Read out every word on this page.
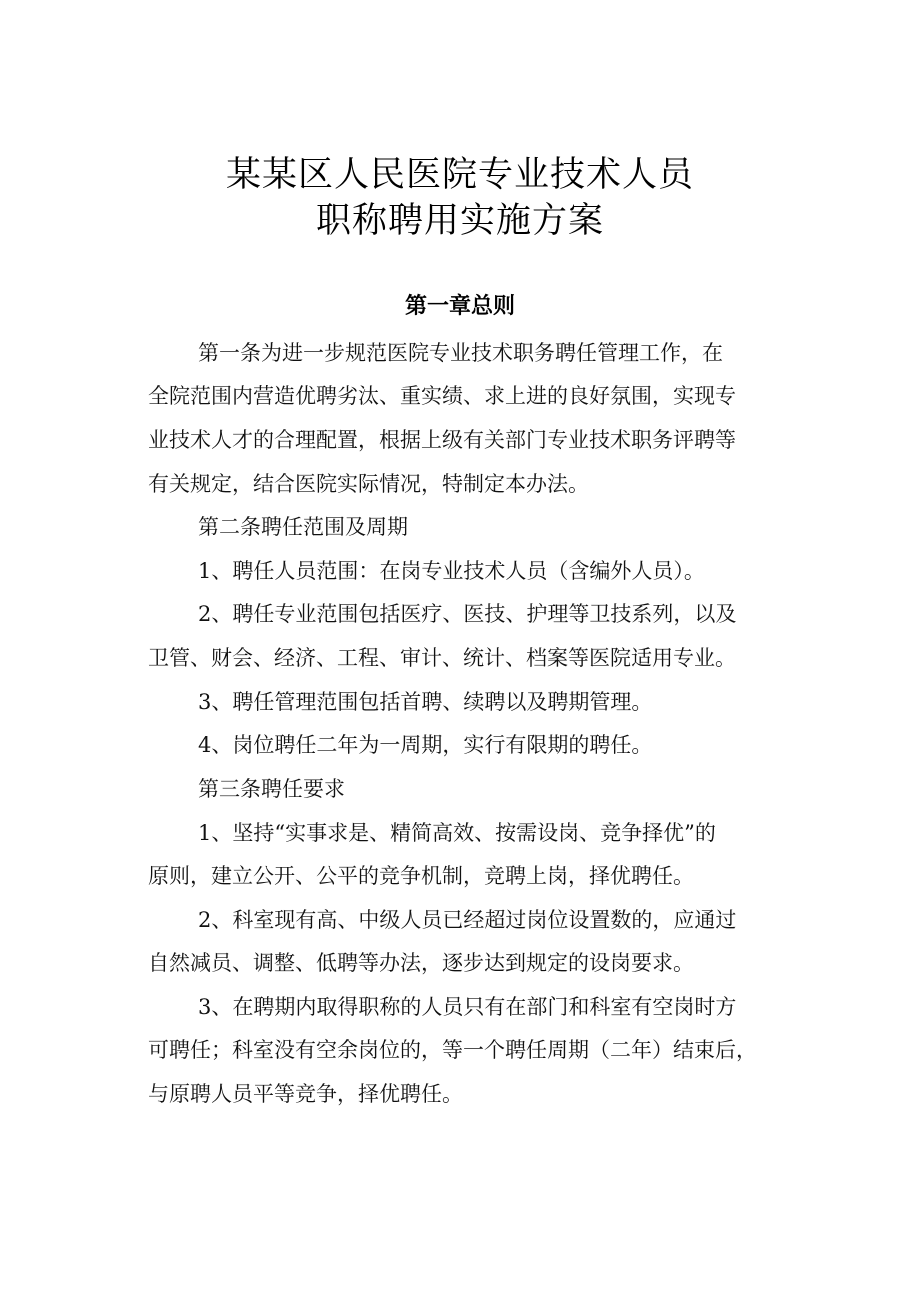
某某区人民医院专业技术人员
职称聘用实施方案
第一章总则

第一条为进一步规范医院专业技术职务聘任管理工作，在

全院范围内营造优聘劣汰、重实绩、求上进的良好氛围，实现专

业技术人才的合理配置，根据上级有关部门专业技术职务评聘等

有关规定，结合医院实际情况，特制定本办法。

第二条聘任范围及周期

1、聘任人员范围：在岗专业技术人员（含编外人员）。

2、聘任专业范围包括医疗、医技、护理等卫技系列，以及

卫管、财会、经济、工程、审计、统计、档案等医院适用专业。

3、聘任管理范围包括首聘、续聘以及聘期管理。

4、岗位聘任二年为一周期，实行有限期的聘任。

第三条聘任要求

1、坚持“实事求是、精简高效、按需设岗、竞争择优”的

原则，建立公开、公平的竞争机制，竞聘上岗，择优聘任。

2、科室现有高、中级人员已经超过岗位设置数的，应通过

自然减员、调整、低聘等办法，逐步达到规定的设岗要求。

3、在聘期内取得职称的人员只有在部门和科室有空岗时方

可聘任；科室没有空余岗位的，等一个聘任周期（二年）结束后，

与原聘人员平等竞争，择优聘任。
